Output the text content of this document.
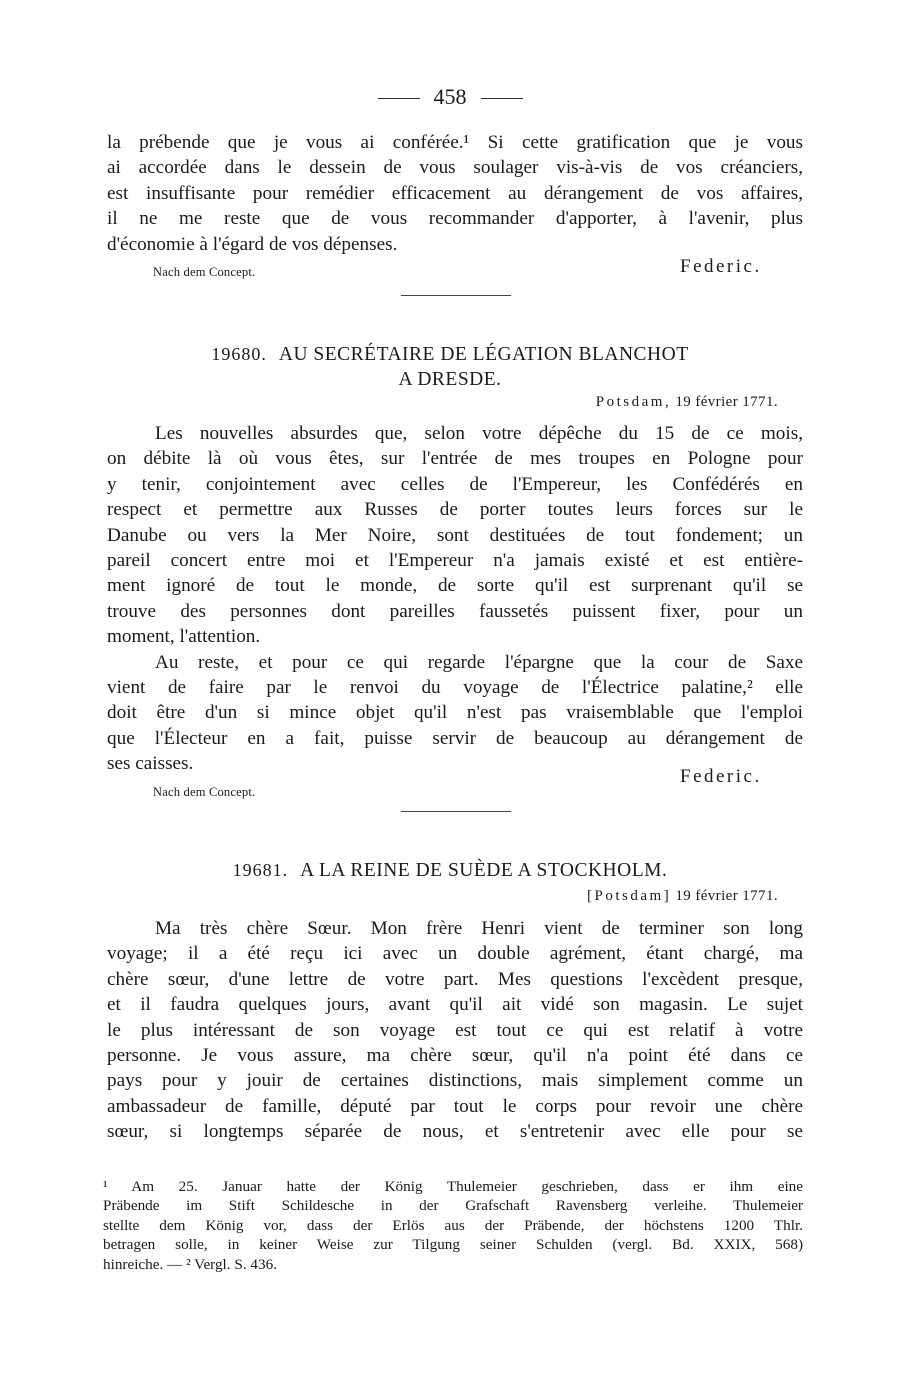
458
la prébende que je vous ai conférée.¹ Si cette gratification que je vous
ai accordée dans le dessein de vous soulager vis-à-vis de vos créanciers,
est insuffisante pour remédier efficacement au dérangement de vos affaires,
il ne me reste que de vous recommander d'apporter, à l'avenir, plus
d'économie à l'égard de vos dépenses.
Nach dem Concept.	Federic.
19680. AU SECRÉTAIRE DE LÉGATION BLANCHOT
A DRESDE.
Potsdam, 19 février 1771.
Les nouvelles absurdes que, selon votre dépêche du 15 de ce mois,
on débite là où vous êtes, sur l'entrée de mes troupes en Pologne pour
y tenir, conjointement avec celles de l'Empereur, les Confédérés en
respect et permettre aux Russes de porter toutes leurs forces sur le
Danube ou vers la Mer Noire, sont destituées de tout fondement; un
pareil concert entre moi et l'Empereur n'a jamais existé et est entière-
ment ignoré de tout le monde, de sorte qu'il est surprenant qu'il se
trouve des personnes dont pareilles faussetés puissent fixer, pour un
moment, l'attention.
Au reste, et pour ce qui regarde l'épargne que la cour de Saxe
vient de faire par le renvoi du voyage de l'Électrice palatine,² elle
doit être d'un si mince objet qu'il n'est pas vraisemblable que l'emploi
que l'Électeur en a fait, puisse servir de beaucoup au dérangement de
ses caisses.
Federic.
Nach dem Concept.
19681. A LA REINE DE SUÈDE A STOCKHOLM.
[Potsdam] 19 février 1771.
Ma très chère Sœur. Mon frère Henri vient de terminer son long
voyage; il a été reçu ici avec un double agrément, étant chargé, ma
chère sœur, d'une lettre de votre part. Mes questions l'excèdent presque,
et il faudra quelques jours, avant qu'il ait vidé son magasin. Le sujet
le plus intéressant de son voyage est tout ce qui est relatif à votre
personne. Je vous assure, ma chère sœur, qu'il n'a point été dans ce
pays pour y jouir de certaines distinctions, mais simplement comme un
ambassadeur de famille, député par tout le corps pour revoir une chère
sœur, si longtemps séparée de nous, et s'entretenir avec elle pour se
¹ Am 25. Januar hatte der König Thulemeier geschrieben, dass er ihm eine
Präbende im Stift Schildesche in der Grafschaft Ravensberg verleihe. Thulemeier
stellte dem König vor, dass der Erlös aus der Präbende, der höchstens 1200 Thlr.
betragen solle, in keiner Weise zur Tilgung seiner Schulden (vergl. Bd. XXIX, 568)
hinreiche. — ² Vergl. S. 436.
